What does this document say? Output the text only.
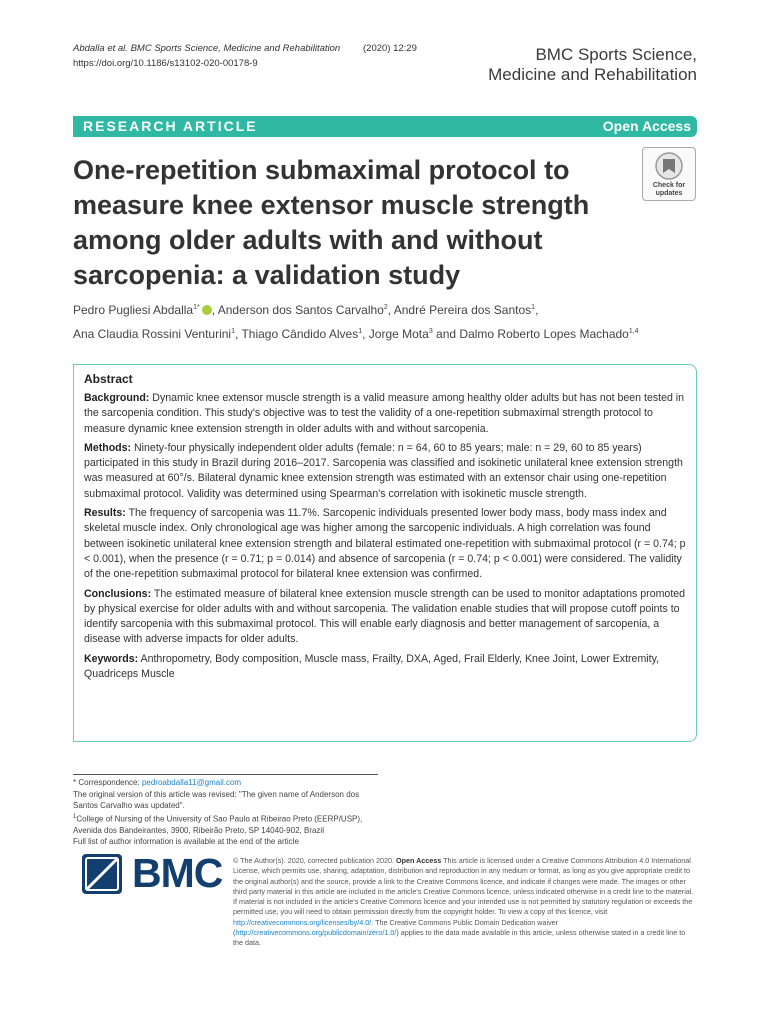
Abdalla et al. BMC Sports Science, Medicine and Rehabilitation (2020) 12:29
https://doi.org/10.1186/s13102-020-00178-9	BMC Sports Science,
Medicine and Rehabilitation
RESEARCH ARTICLE	Open Access
One-repetition submaximal protocol to measure knee extensor muscle strength among older adults with and without sarcopenia: a validation study
Check for
updates
Pedro Pugliesi Abdalla$^{1*}$ , Anderson dos Santos Carvalho$^2$, André Pereira dos Santos$^1$,
Ana Claudia Rossini Venturini$^1$, Thiago Cândido Alves$^1$, Jorge Mota$^3$ and Dalmo Roberto Lopes Machado$^{1,4}$
Abstract

Background: Dynamic knee extensor muscle strength is a valid measure among healthy older adults but has not been tested in the sarcopenia condition. This study's objective was to test the validity of a one-repetition submaximal strength protocol to measure dynamic knee extension strength in older adults with and without sarcopenia.

Methods: Ninety-four physically independent older adults (female: n = 64, 60 to 85 years; male: n = 29, 60 to 85 years) participated in this study in Brazil during 2016–2017. Sarcopenia was classified and isokinetic unilateral knee extension strength was measured at 60°/s. Bilateral dynamic knee extension strength was estimated with an extensor chair using one-repetition submaximal protocol. Validity was determined using Spearman's correlation with isokinetic muscle strength.

Results: The frequency of sarcopenia was 11.7%. Sarcopenic individuals presented lower body mass, body mass index and skeletal muscle index. Only chronological age was higher among the sarcopenic individuals. A high correlation was found between isokinetic unilateral knee extension strength and bilateral estimated one-repetition with submaximal protocol (r = 0.74; p < 0.001), when the presence (r = 0.71; p = 0.014) and absence of sarcopenia (r = 0.74; p < 0.001) were considered. The validity of the one-repetition submaximal protocol for bilateral knee extension was confirmed.

Conclusions: The estimated measure of bilateral knee extension muscle strength can be used to monitor adaptations promoted by physical exercise for older adults with and without sarcopenia. The validation enable studies that will propose cutoff points to identify sarcopenia with this submaximal protocol. This will enable early diagnosis and better management of sarcopenia, a disease with adverse impacts for older adults.

Keywords: Anthropometry, Body composition, Muscle mass, Frailty, DXA, Aged, Frail Elderly, Knee Joint, Lower Extremity, Quadriceps Muscle

* Correspondence: pedroabdalla11@gmail.com
The original version of this article was revised: "The given name of Anderson dos Santos Carvalho was updated".
$^1$College of Nursing of the University of Sao Paulo at Ribeirao Preto (EERP/USP), Avenida dos Bandeirantes, 3900, Ribeirão Preto, SP 14040-902, Brazil
Full list of author information is available at the end of the article
BMC © The Author(s). 2020, corrected publication 2020. Open Access This article is licensed under a Creative Commons Attribution 4.0 International License, which permits use, sharing, adaptation, distribution and reproduction in any medium or format, as long as you give appropriate credit to the original author(s) and the source, provide a link to the Creative Commons licence, and indicate if changes were made. The images or other third party material in this article are included in the article's Creative Commons licence, unless indicated otherwise in a credit line to the material. If material is not included in the article's Creative Commons licence and your intended use is not permitted by statutory regulation or exceeds the permitted use, you will need to obtain permission directly from the copyright holder. To view a copy of this licence, visit http://creativecommons.org/licenses/by/4.0/. The Creative Commons Public Domain Dedication waiver (http://creativecommons.org/publicdomain/zero/1.0/) applies to the data made available in this article, unless otherwise stated in a credit line to the data.
